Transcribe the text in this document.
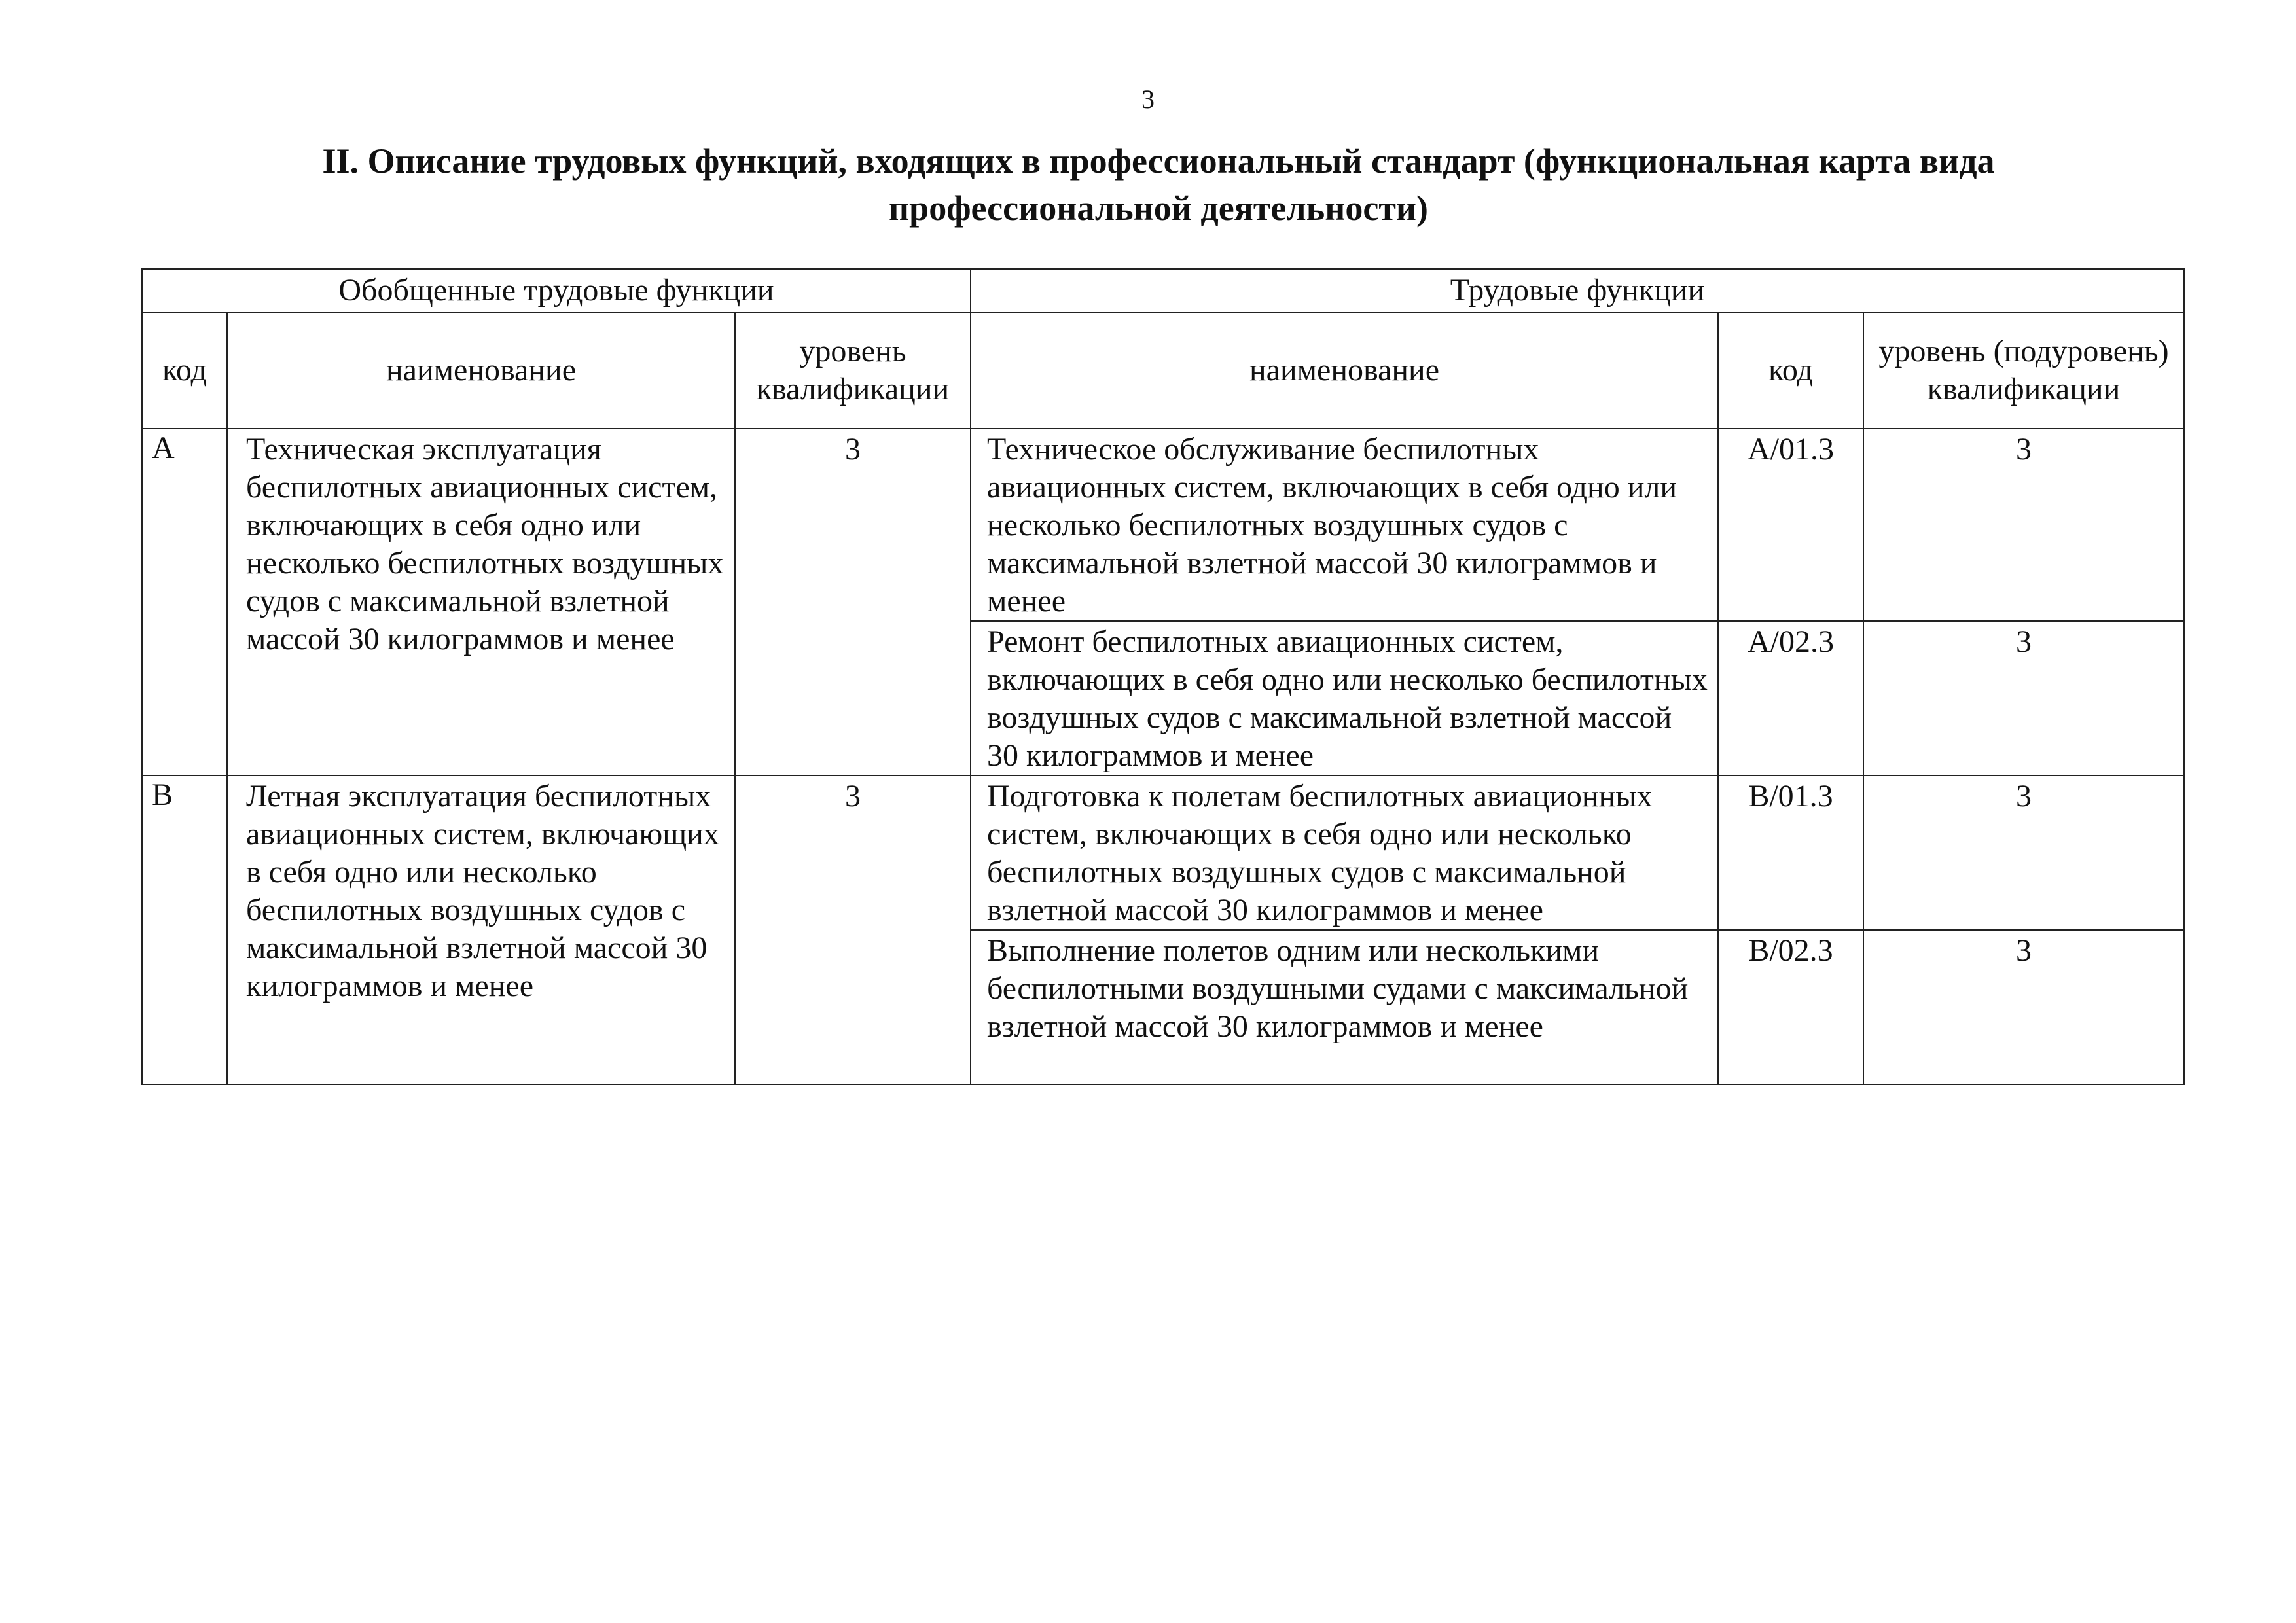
3
II. Описание трудовых функций, входящих в профессиональный стандарт (функциональная карта вида профессиональной деятельности)
Обобщенные трудовые функции			Трудовые функции		
код	наименование	уровень квалификации	наименование	код	уровень (подуровень) квалификации
A	Техническая эксплуатация беспилотных авиационных систем, включающих в себя одно или несколько беспилотных воздушных судов с максимальной взлетной массой 30 килограммов и менее	3	Техническое обслуживание беспилотных авиационных систем, включающих в себя одно или несколько беспилотных воздушных судов с максимальной взлетной массой 30 килограммов и менее	A/01.3	3
			Ремонт беспилотных авиационных систем, включающих в себя одно или несколько беспилотных воздушных судов с максимальной взлетной массой 30 килограммов и менее	A/02.3	3
B	Летная эксплуатация беспилотных авиационных систем, включающих в себя одно или несколько беспилотных воздушных судов с максимальной взлетной массой 30 килограммов и менее	3	Подготовка к полетам беспилотных авиационных систем, включающих в себя одно или несколько беспилотных воздушных судов с максимальной взлетной массой 30 килограммов и менее	B/01.3	3
			Выполнение полетов одним или несколькими беспилотными воздушными судами с максимальной взлетной массой 30 килограммов и менее	B/02.3	3
